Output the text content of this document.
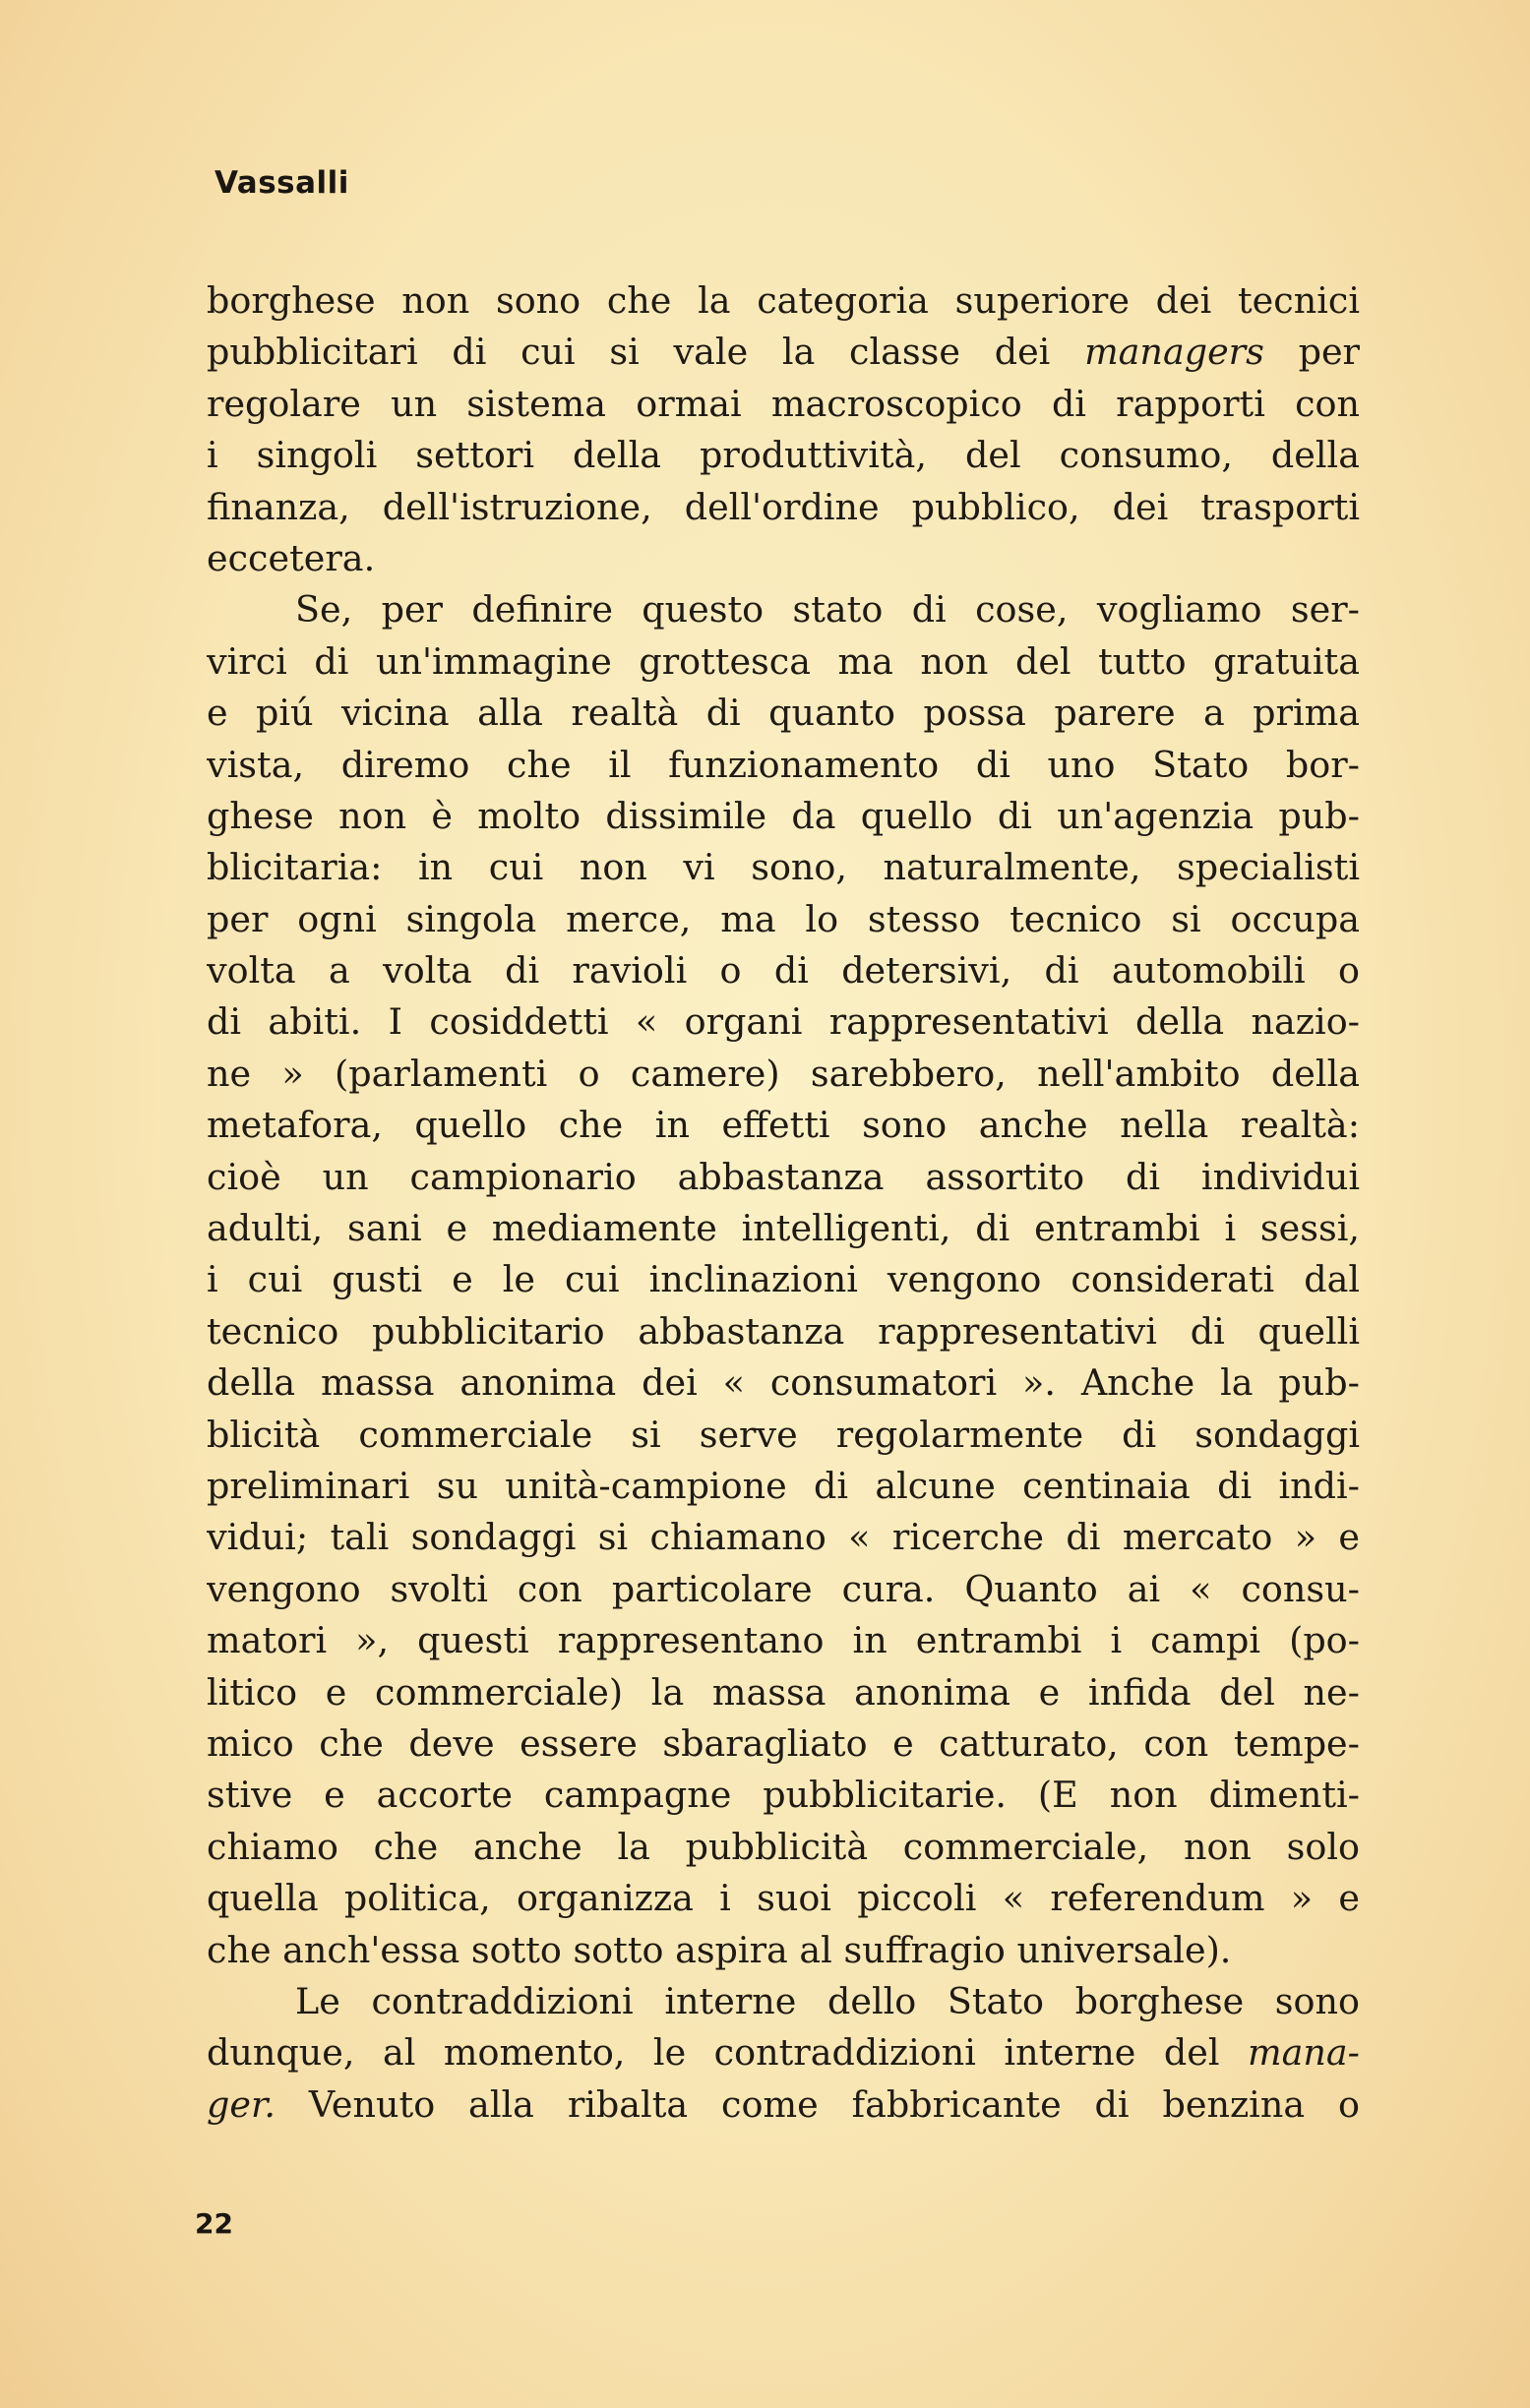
Vassalli
borghese non sono che la categoria superiore dei tecnici
pubblicitari di cui si vale la classe dei managers per
regolare un sistema ormai macroscopico di rapporti con
i singoli settori della produttività, del consumo, della
finanza, dell'istruzione, dell'ordine pubblico, dei trasporti
eccetera.
Se, per definire questo stato di cose, vogliamo ser-
virci di un'immagine grottesca ma non del tutto gratuita
e piú vicina alla realtà di quanto possa parere a prima
vista, diremo che il funzionamento di uno Stato bor-
ghese non è molto dissimile da quello di un'agenzia pub-
blicitaria: in cui non vi sono, naturalmente, specialisti
per ogni singola merce, ma lo stesso tecnico si occupa
volta a volta di ravioli o di detersivi, di automobili o
di abiti. I cosiddetti « organi rappresentativi della nazio-
ne » (parlamenti o camere) sarebbero, nell'ambito della
metafora, quello che in effetti sono anche nella realtà:
cioè un campionario abbastanza assortito di individui
adulti, sani e mediamente intelligenti, di entrambi i sessi,
i cui gusti e le cui inclinazioni vengono considerati dal
tecnico pubblicitario abbastanza rappresentativi di quelli
della massa anonima dei « consumatori ». Anche la pub-
blicità commerciale si serve regolarmente di sondaggi
preliminari su unità-campione di alcune centinaia di indi-
vidui; tali sondaggi si chiamano « ricerche di mercato » e
vengono svolti con particolare cura. Quanto ai « consu-
matori », questi rappresentano in entrambi i campi (po-
litico e commerciale) la massa anonima e infida del ne-
mico che deve essere sbaragliato e catturato, con tempe-
stive e accorte campagne pubblicitarie. (E non dimenti-
chiamo che anche la pubblicità commerciale, non solo
quella politica, organizza i suoi piccoli « referendum » e
che anch'essa sotto sotto aspira al suffragio universale).
Le contraddizioni interne dello Stato borghese sono
dunque, al momento, le contraddizioni interne del mana-
ger. Venuto alla ribalta come fabbricante di benzina o
22
